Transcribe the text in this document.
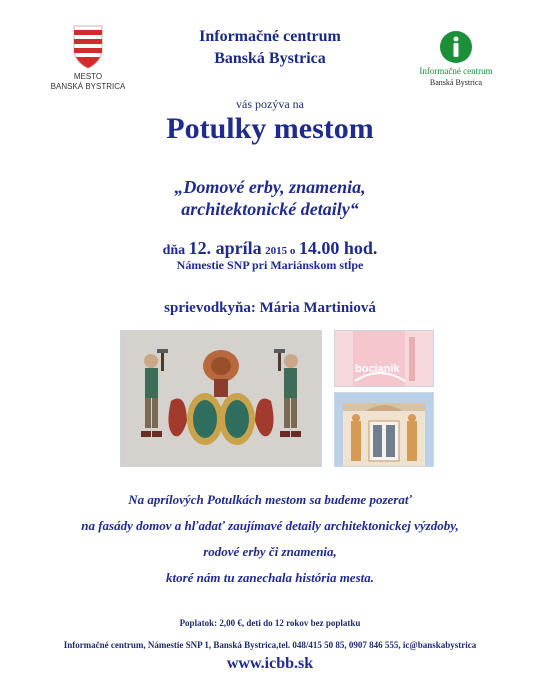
MESTO
BANSKÁ BYSTRICA
Informačné centrum
Banská Bystrica
Informačné centrum
Banská Bystrica
vás pozýva na
Potulky mestom
„Domové erby, znamenia,
architektonické detaily“
dňa 12. apríla 2015 o 14.00 hod.
Námestie SNP pri Mariánskom stĺpe
sprievodkyňa: Mária Martiniová
bocianik
Na aprílových Potulkách mestom sa budeme pozerať
na fasády domov a hľadať zaujímavé detaily architektonickej výzdoby,
rodové erby či znamenia,
ktoré nám tu zanechala história mesta.
Poplatok: 2,00 €, deti do 12 rokov bez poplatku
Informačné centrum, Námestie SNP 1, Banská Bystrica,tel. 048/415 50 85, 0907 846 555, ic@banskabystrica
www.icbb.sk
